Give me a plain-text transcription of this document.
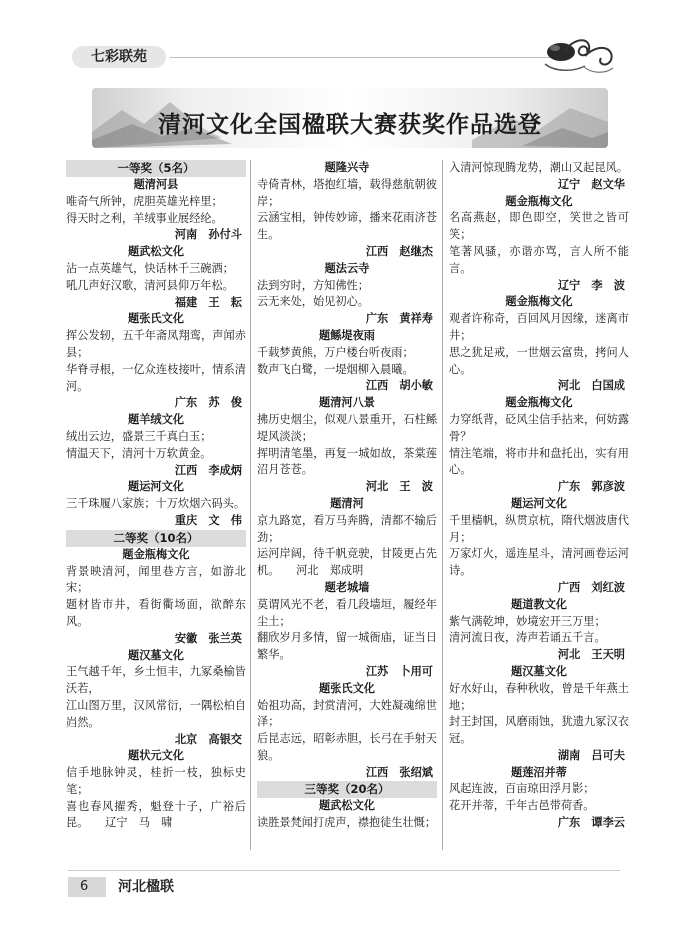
七彩联苑
清河文化全国楹联大赛获奖作品选登
一等奖（5名）
题清河县
唯奇气所钟，虎胆英雄光梓里；
得天时之利，羊绒事业展经纶。
河南　孙付斗
题武松文化
沾一点英雄气，快话林千三碗酒；
吼几声好汉歌，清河县仰万年松。
福建　王　耘
题张氏文化
挥公发轫，五千年斋凤翔鸾，声闻赤县；
华脊寻根，一亿众连枝接叶，情系清河。
广东　苏　俊
题羊绒文化
绒出云边，盛景三千真白玉；
情温天下，清河十万软黄金。
江西　李成炳
题运河文化
三千珠履八家族；十万炊烟六码头。
重庆　文　伟
二等奖（10名）
题金瓶梅文化
背景映清河，闻里巷方言，如游北宋；
题材皆市井，看街衢场面，欲醉东风。
安徽　张兰英
题汉墓文化
王气越千年，乡土恒丰，九冢桑榆皆沃若，
江山图万里，汉风常衍，一隅松柏自岿然。
北京　高银交
题状元文化
信手地脉钟灵，桂折一枝，独标史笔；
喜也春风擢秀，魁登十子，广裕后昆。　　辽宁　马　啸
题隆兴寺
寺倚青林，塔抱红墙，载得慈航朝彼岸；
云涵宝相，钟传妙谛，播来花雨济苍生。
江西　赵继杰
题法云寺
法到穷时，方知佛性；
云无来处，始见初心。
广东　黄祥寿
题鲧堤夜雨
千载梦黄熊，万户楼台听夜雨；
数声飞白鹭，一堤烟柳入晨曦。
江西　胡小敏
题清河八景
拂历史烟尘，似观八景重开，石柱鲧堤风淡淡；
挥明清笔墨，再复一城如故，茶棠莲沼月苍苍。
河北　王　波
题清河
京九路宽，看万马奔腾，清都不输后劲；
运河岸阔，待千帆竞驶，甘陵更占先机。　　河北　郑成明
题老城墙
莫谓风光不老，看几段墙垣，履经年尘土；
翻欣岁月多情，留一城衙庙，证当日繁华。
江苏　卜用可
题张氏文化
始祖功高，封赏清河，大姓凝魂绵世泽；
后昆志远，昭彰赤胆，长弓在手射天狼。
江西　张绍斌
三等奖（20名）
题武松文化
读胜景梵闻打虎声，襟抱徒生壮慨；
入清河惊现腾龙势，潮山又起昆风。
辽宁　赵文华
题金瓶梅文化
名高燕赵，即色即空，笑世之皆可笑；
笔著风骚，亦谐亦骂，言人所不能言。
辽宁　李　波
题金瓶梅文化
观者许称奇，百回风月因缘，迷离市井；
思之犹足戒，一世烟云富贵，拷问人心。
河北　白国成
题金瓶梅文化
力穿纸背，砭风尘信手拈来，何妨露骨？
情注笔端，将市井和盘托出，实有用心。
广东　郭彦波
题运河文化
千里樯帆，纵贯京杭，隋代烟波唐代月；
万家灯火，遥连星斗，清河画卷运河诗。
广西　刘红波
题道教文化
紫气满乾坤，妙境宏开三万里；
清河流日夜，涛声若诵五千言。
河北　王天明
题汉墓文化
好水好山，春种秋收，曾是千年燕土地；
封王封国，风磨雨蚀，犹遗九冢汉衣冠。
湖南　吕可夫
题莲沼并蒂
风起连波，百亩琼田浮月影；
花开并蒂，千年古邑带荷香。
广东　谭李云
6 河北楹联
